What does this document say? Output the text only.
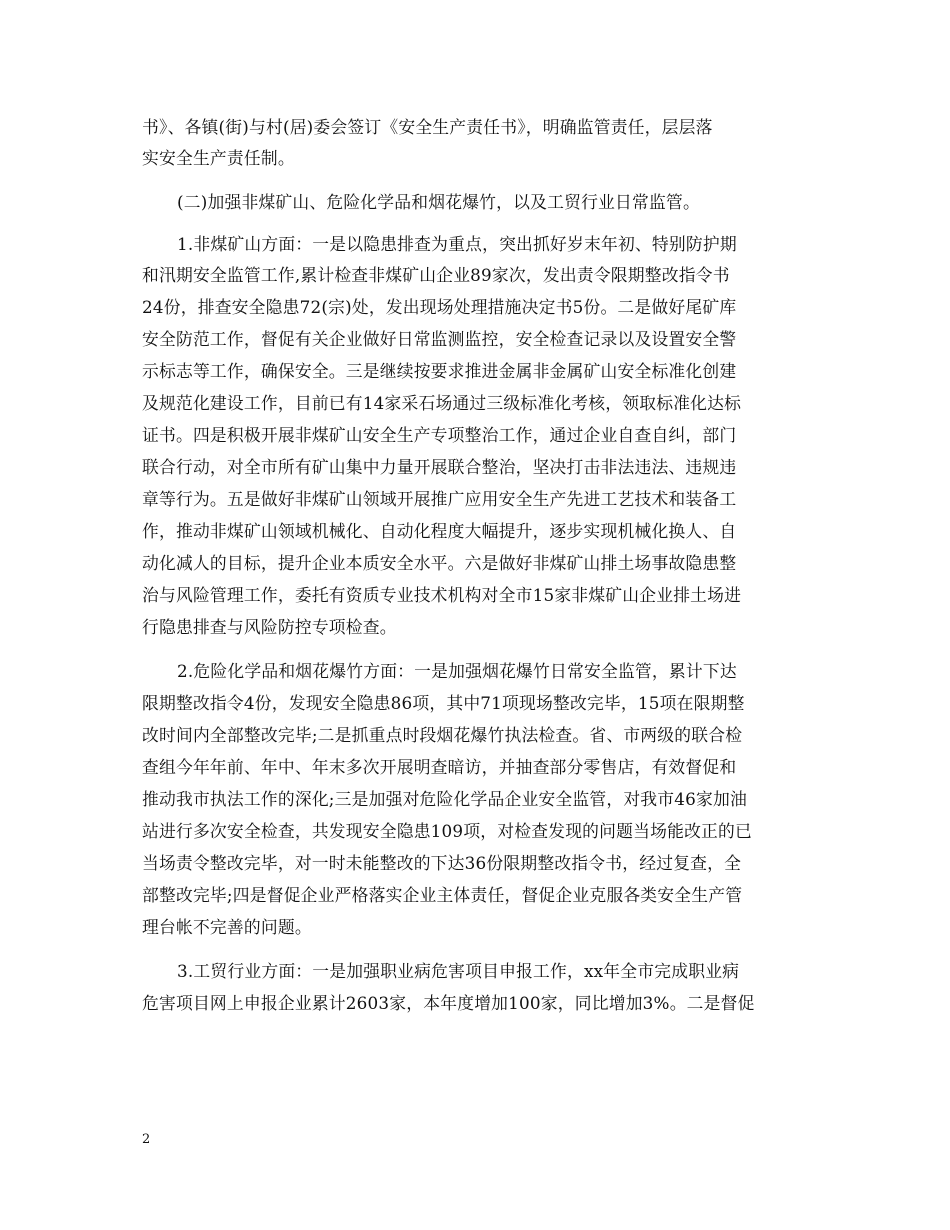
书》、各镇(街)与村(居)委会签订《安全生产责任书》，明确监管责任，层层落
实安全生产责任制。
(二)加强非煤矿山、危险化学品和烟花爆竹，以及工贸行业日常监管。
1.非煤矿山方面：一是以隐患排查为重点，突出抓好岁末年初、特别防护期
和汛期安全监管工作,累计检查非煤矿山企业89家次，发出责令限期整改指令书
24份，排查安全隐患72(宗)处，发出现场处理措施决定书5份。二是做好尾矿库
安全防范工作，督促有关企业做好日常监测监控，安全检查记录以及设置安全警
示标志等工作，确保安全。三是继续按要求推进金属非金属矿山安全标准化创建
及规范化建设工作，目前已有14家采石场通过三级标准化考核，领取标准化达标
证书。四是积极开展非煤矿山安全生产专项整治工作，通过企业自查自纠，部门
联合行动，对全市所有矿山集中力量开展联合整治，坚决打击非法违法、违规违
章等行为。五是做好非煤矿山领域开展推广应用安全生产先进工艺技术和装备工
作，推动非煤矿山领域机械化、自动化程度大幅提升，逐步实现机械化换人、自
动化减人的目标，提升企业本质安全水平。六是做好非煤矿山排土场事故隐患整
治与风险管理工作，委托有资质专业技术机构对全市15家非煤矿山企业排土场进
行隐患排查与风险防控专项检查。
2.危险化学品和烟花爆竹方面：一是加强烟花爆竹日常安全监管，累计下达
限期整改指令4份，发现安全隐患86项，其中71项现场整改完毕，15项在限期整
改时间内全部整改完毕;二是抓重点时段烟花爆竹执法检查。省、市两级的联合检
查组今年年前、年中、年末多次开展明查暗访，并抽查部分零售店，有效督促和
推动我市执法工作的深化;三是加强对危险化学品企业安全监管，对我市46家加油
站进行多次安全检查，共发现安全隐患109项，对检查发现的问题当场能改正的已
当场责令整改完毕，对一时未能整改的下达36份限期整改指令书，经过复查，全
部整改完毕;四是督促企业严格落实企业主体责任，督促企业克服各类安全生产管
理台帐不完善的问题。
3.工贸行业方面：一是加强职业病危害项目申报工作，xx年全市完成职业病
危害项目网上申报企业累计2603家，本年度增加100家，同比增加3%。二是督促
2
